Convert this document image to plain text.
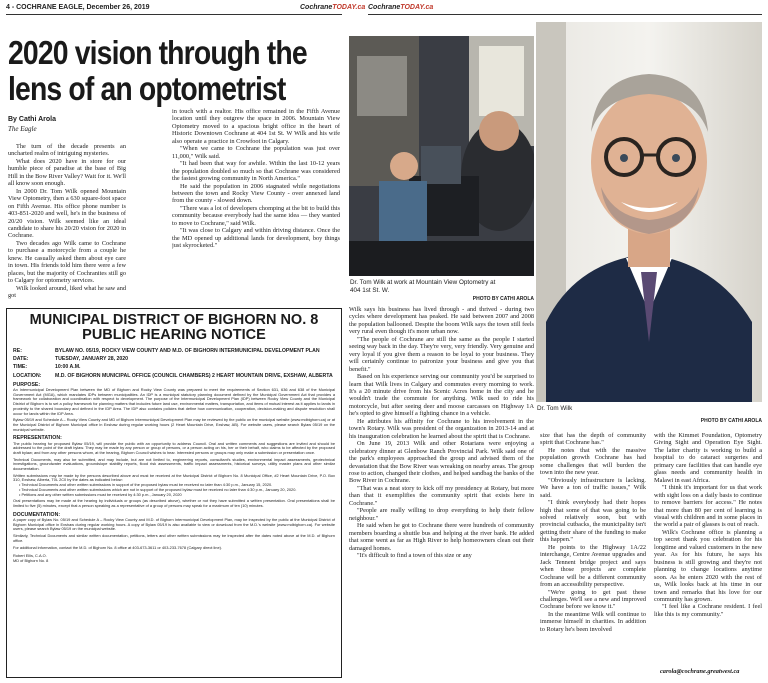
4 - COCHRANE EAGLE, December 26, 2019	CochraneTODAY.ca CochraneTODAY.ca
2020 vision through the
lens of an optometrist
By Cathi Arola
The Eagle

The turn of the decade presents an uncharted realm of intriguing mysteries.

What does 2020 have in store for our humble piece of paradise at the base of Big Hill in the Bow River Valley? Wait for it. We'll all know soon enough.

In 2000 Dr. Tom Wilk opened Mountain View Optometry, then a 630 square-foot space on Fifth Avenue. His office phone number is 403-851-2020 and well, he's in the business of 20/20 vision. Wilk seemed like an ideal candidate to share his 20/20 vision for 2020 in Cochrane.

Two decades ago Wilk came to Cochrane to purchase a motorcycle from a couple he knew. He casually asked them about eye care in town. His friends told him there were a few places, but the majority of Cochranites still go to Calgary for optometry services.

Wilk looked around, liked what he saw and got

in touch with a realtor. His office remained in the Fifth Avenue location until they outgrew the space in 2006. Mountain View Optometry moved to a spacious bright office in the heart of Historic Downtown Cochrane at 404 1st St. W Wilk and his wife also operate a practice in Crowfoot in Calgary.

"When we came to Cochrane the population was just over 11,000," Wilk said.

"It had been that way for awhile. Within the last 10-12 years the population doubled so much so that Cochrane was considered the fastest growing community in North America."

He said the population in 2006 stagnated while negotiations between the town and Rocky View County - over annexed land from the county - slowed down.

"There was a lot of developers chomping at the bit to build this community because everybody had the same idea — they wanted to move to Cochrane," said Wilk.

"It was close to Calgary and within driving distance. Once the the MD opened up additional lands for development, boy things just skyrocketed."

MUNICIPAL DISTRICT OF BIGHORN NO. 8
PUBLIC HEARING NOTICE
RE:	BYLAW NO. 05/19, ROCKY VIEW COUNTY AND M.D. OF BIGHORN INTERMUNICIPAL DEVELOPMENT PLAN
DATE:	TUESDAY, JANUARY 28, 2020
TIME:	10:00 A.M.
LOCATION:	M.D. OF BIGHORN MUNICIPAL OFFICE (COUNCIL CHAMBERS) 2 HEART MOUNTAIN DRIVE, EXSHAW, ALBERTA
PURPOSE:
An Intermunicipal Development Plan between the MD of Bighorn and Rocky View County was prepared to meet the requirements of Section 631, 636 and 638 of the Municipal Government Act (MGA), which mandates IDPs between municipalities. An IDP is a municipal statutory planning document defined by the Municipal Government Act that provides a framework for collaboration and coordination with respect to development. The purpose of the Intermunicipal Development Plan (IDP) between Rocky View County and the Municipal District of Bighorn is to set a policy framework for planning matters that includes future land use, environmental matters, transportation, and items of mutual interest as it applies to lands in proximity to the shared boundary and defined in the IDP Area. The IDP also contains policies that define how communication, cooperation, decision-making and dispute resolution shall occur for lands within the IDP Area.
Bylaw 05/19 and Schedule A – Rocky View County and MD of Bighorn Intermunicipal Development Plan may be reviewed by the public on the municipal website (www.mdbighorn.ca) or at the Municipal District of Bighorn Municipal office in Exshaw during regular working hours (2 Heart Mountain Drive, Exshaw, AB). For website users, please search Bylaw 05/19 on the municipal website.
REPRESENTATION:
The public hearing for proposed Bylaw 05/19, will provide the public with an opportunity to address Council. Oral and written comments and suggestions are invited and should be addressed to the point of the draft bylaw. They may be made by any person or group of persons, or a person acting on his, her or their behalf, who claims to be affected by the proposed draft bylaw; and from any other persons whom, at the hearing, Bighorn Council wishes to hear. Interested persons or groups may only make a submission or presentation once.
Technical Documents, may also be submitted, and may include, but are not limited to, engineering reports, consultant's studies, environmental impact assessments, geotechnical investigations, groundwater evaluations, groundslope stability reports, flood risk assessments, traffic impact assessments, historical surveys, utility master plans and other similar documentation.
Written submissions may be made by the persons described above and must be received at the Municipal District of Bighorn No. 8 Municipal Office, #2 Heart Mountain Drive, P.O. Box 310, Exshaw, Alberta, T0L 2C0 by the dates as indicated below:
• Technical Documents and other written submissions in support of the proposed bylaw must be received no later than 4:30 p.m., January 15, 2020.
• Technical Documents and other written submissions which are not in support of the proposed bylaw must be received no later than 4:30 p.m., January 20, 2020.
• Petitions and any other written submissions must be received by 4:30 p.m., January 20, 2020
Oral presentations may be made at the hearing by individuals or groups (as described above), whether or not they have submitted a written presentation. Oral presentations shall be limited to five (5) minutes, except that a person speaking as a representative of a group of persons may speak for a maximum of ten (10) minutes.
DOCUMENTATION:
A paper copy of Bylaw No. 05/19 and Schedule A – Rocky View County and M.D. of Bighorn Intermunicipal Development Plan, may be inspected by the public at the Municipal District of Bighorn Municipal office in Exshaw during regular working hours. A copy of Bylaw 05/19 is also available to view or download from the M.D.'s website (www.mdbighorn.ca). For website users, please search Bylaw 05/19 on the municipal website.
Similarly, Technical Documents and similar written documentation, petitions, letters and other written submissions may be inspected after the dates noted above at the M.D. of Bighorn office.
For additional information, contact the M.D. of Bighorn No. 8 office at 403-673-3611 or 403-233-7678 (Calgary direct line).
Robert Ellis, C.A.O.
MD of Bighorn No. 8
Dr. Tom Wilk at work at Mountain View Optometry at 404 1st St. W.
PHOTO BY CATHI AROLA
Dr. Tom Wilk
PHOTO BY CATHI AROLA

Wilk says his business has lived through - and thrived - during two cycles where development has peaked. He said between 2007 and 2008 the population ballooned. Despite the boom Wilk says the town still feels very rural even though it's more urban now.

"The people of Cochrane are still the same as the people I started seeing way back in the day. They're very, very friendly. Very genuine and very loyal if you give them a reason to be loyal to your business. They will certainly continue to patronize your business and give you that benefit."

Based on his experience serving our community you'd be surprised to learn that Wilk lives in Calgary and commutes every morning to work. It's a 20 minute drive from his Scenic Acres home in the city and he wouldn't trade the commute for anything. Wilk used to ride his motorcycle, but after seeing deer and moose carcasses on Highway 1A he's opted to give himself a fighting chance in a vehicle.

He attributes his affinity for Cochrane to his involvement in the town's Rotary. Wilk was president of the organization in 2013-14 and at his inauguration celebration he learned about the spirit that is Cochrane.

On June 19, 2013 Wilk and other Rotarians were enjoying a celebratory dinner at Glenbow Ranch Provincial Park. Wilk said one of the park's employees approached the group and advised them of the devastation that the Bow River was wreaking on nearby areas. The group rose to action, changed their clothes, and helped sandbag the banks of the Bow River in Cochrane.

"That was a neat story to kick off my presidency at Rotary, but more than that it exemplifies the community spirit that exists here in Cochrane."

"People are really willing to drop everything to help their fellow neighbour."

He said when he got to Cochrane there were hundreds of community members boarding a shuttle bus and helping at the river bank. He added that some went as far as High River to help homeowners clean out their damaged homes.

"It's difficult to find a town of this size or any

size that has the depth of community spirit that Cochrane has."

He notes that with the massive population growth Cochrane has had some challenges that will burden the town into the new year.

"Obviously infrastructure is lacking. We have a ton of traffic issues," Wilk said.

"I think everybody had their hopes high that some of that was going to be solved relatively soon, but with provincial cutbacks, the municipality isn't getting their share of the funding to make this happen."

He points to the Highway 1A/22 interchange, Centre Avenue upgrades and Jack Tennent bridge project and says when those projects are complete Cochrane will be a different community from an accessibility perspective.

"We're going to get past these challenges. We'll see a new and improved Cochrane before we know it."

In the meantime Wilk will continue to immerse himself in charities. In addition to Rotary he's been involved

with the Kimmet Foundation, Optometry Giving Sight and Operation Eye Sight. The latter charity is working to build a hospital to do cataract surgeries and primary care facilities that can handle eye glass needs and community health in Malawi in east Africa.

"I think it's important for us that work with sight loss on a daily basis to continue to remove barriers for access." He notes that more than 80 per cent of learning is visual with children and in some places in the world a pair of glasses is out of reach.

Wilk's Cochrane office is planning a top secret thank you celebration for his longtime and valued customers in the new year. As for his future, he says his business is still growing and they're not planning to change locations anytime soon. As he enters 2020 with the rest of us, Wilk looks back at his time in our town and remarks that his love for our community has grown.

"I feel like a Cochrane resident. I feel like this is my community."

carola@cochrane.greatwest.ca
